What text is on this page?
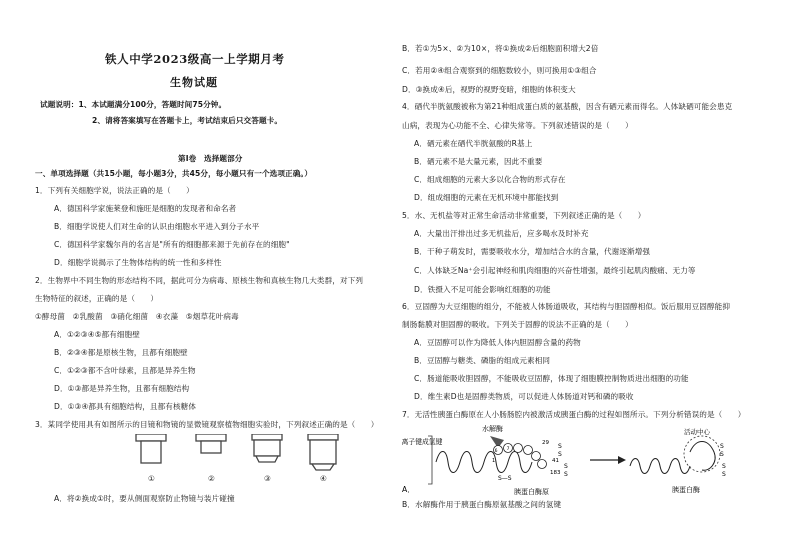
铁人中学2023级高一上学期月考
生物试题
试题说明：1、本试题满分100分，答题时间75分钟。
2、请将答案填写在答题卡上，考试结束后只交答题卡。
第Ⅰ卷　选择题部分
一、单项选择题（共15小题，每小题3分，共45分，每小题只有一个选项正确。）
1．下列有关细胞学说，说法正确的是（　　）
A．德国科学家施莱登和施旺是细胞的发现者和命名者
B．细胞学说使人们对生命的认识由细胞水平进入到分子水平
C．德国科学家魏尔肖的名言是"所有的细胞都来源于先前存在的细胞"
D．细胞学说揭示了生物体结构的统一性和多样性
2．生物界中不同生物的形态结构不同，据此可分为病毒、原核生物和真核生物几大类群，对下列
生物特征的叙述，正确的是（　　）
①酵母菌　②乳酸菌　③硝化细菌　④衣藻　⑤烟草花叶病毒
A．①②③④⑤都有细胞壁
B．②③④都是原核生物，且都有细胞壁
C．①②③都不含叶绿素，且都是异养生物
D．①③都是异养生物，且都有细胞结构
D．①③④都具有细胞结构，且都有核糖体
3．某同学使用具有如图所示的目镜和物镜的显微镜观察植物细胞实验时，下列叙述正确的是（　　）
①	②	③	④
A．将②换成①时，要从侧面观察防止物镜与装片碰撞
B．若①为5×、②为10×，将①换成②后细胞面积增大2倍
C．若用②④组合观察到的细胞数较小，则可换用①③组合
D．③换成④后，视野的视野变暗，细胞的体积变大
4．硒代半胱氨酸被称为第21种组成蛋白质的氨基酸，因含有硒元素而得名。人体缺硒可能会患克
山病，表现为心功能不全、心律失常等。下列叙述错误的是（　　）
A．硒元素在硒代半胱氨酸的R基上
B．硒元素不是大量元素，因此不重要
C．组成细胞的元素大多以化合物的形式存在
D．组成细胞的元素在无机环境中都能找到
5．水、无机盐等对正常生命活动非常重要，下列叙述正确的是（　　）
A．大量出汗排出过多无机盐后，应多喝水及时补充
B．干种子萌发时，需要吸收水分，增加结合水的含量，代谢逐渐增强
C．人体缺乏Na⁺会引起神经和肌肉细胞的兴奋性增强，最终引起肌肉酸痛、无力等
D．铁摄入不足可能会影响红细胞的功能
6．豆固醇为大豆细胞的组分，不能被人体肠道吸收，其结构与胆固醇相似。饭后服用豆固醇能抑
制肠黏膜对胆固醇的吸收。下列关于固醇的说法不正确的是（　　）
A．豆固醇可以作为降低人体内胆固醇含量的药物
B．豆固醇与糖类、磷脂的组成元素相同
C．肠道能吸收胆固醇，不能吸收豆固醇，体现了细胞膜控制物质进出细胞的功能
D．维生素D也是固醇类物质，可以促进人体肠道对钙和磷的吸收
7．无活性胰蛋白酶原在人小肠肠腔内被激活成胰蛋白酶的过程如图所示。下列分析错误的是（　　）
离子键成氢键
水解酶
6 7
29
41
183
1
S
S
S
S
S—S
胰蛋白酶原
活动中心
S
S
S
S
胰蛋白酶
A．
B．水解酶作用于胰蛋白酶原氨基酸之间的氢键
